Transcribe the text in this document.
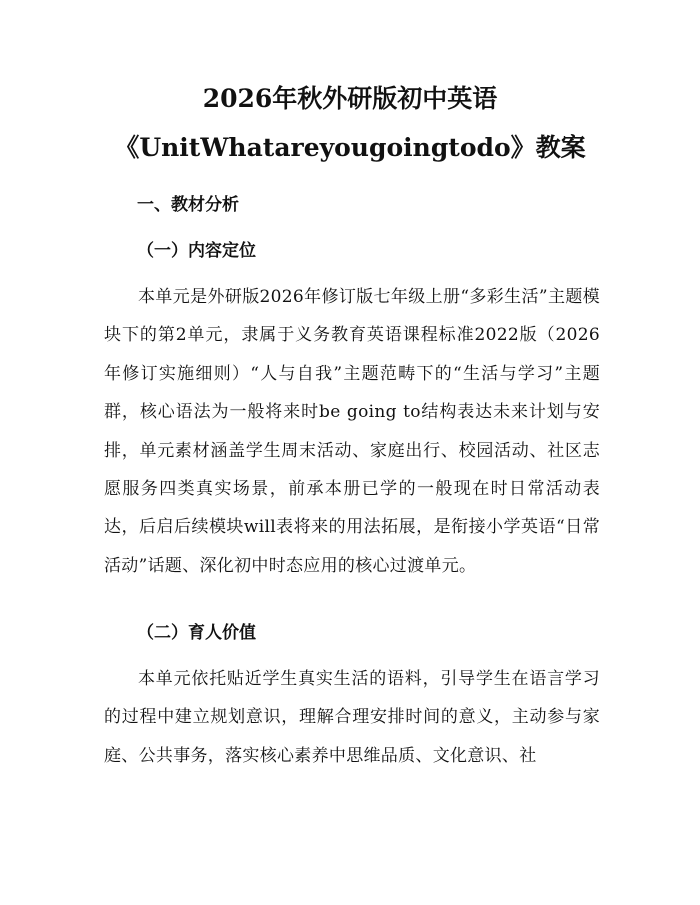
2026年秋外研版初中英语
《UnitWhatareyougoingtodo》教案
一、教材分析
（一）内容定位

本单元是外研版2026年修订版七年级上册“多彩生活”主题模块下的第2单元，隶属于义务教育英语课程标准2022版（2026年修订实施细则）“人与自我”主题范畴下的“生活与学习”主题群，核心语法为一般将来时be going to结构表达未来计划与安排，单元素材涵盖学生周末活动、家庭出行、校园活动、社区志愿服务四类真实场景，前承本册已学的一般现在时日常活动表达，后启后续模块will表将来的用法拓展，是衔接小学英语“日常活动”话题、深化初中时态应用的核心过渡单元。

（二）育人价值

本单元依托贴近学生真实生活的语料，引导学生在语言学习的过程中建立规划意识，理解合理安排时间的意义，主动参与家庭、公共事务，落实核心素养中思维品质、文化意识、社
